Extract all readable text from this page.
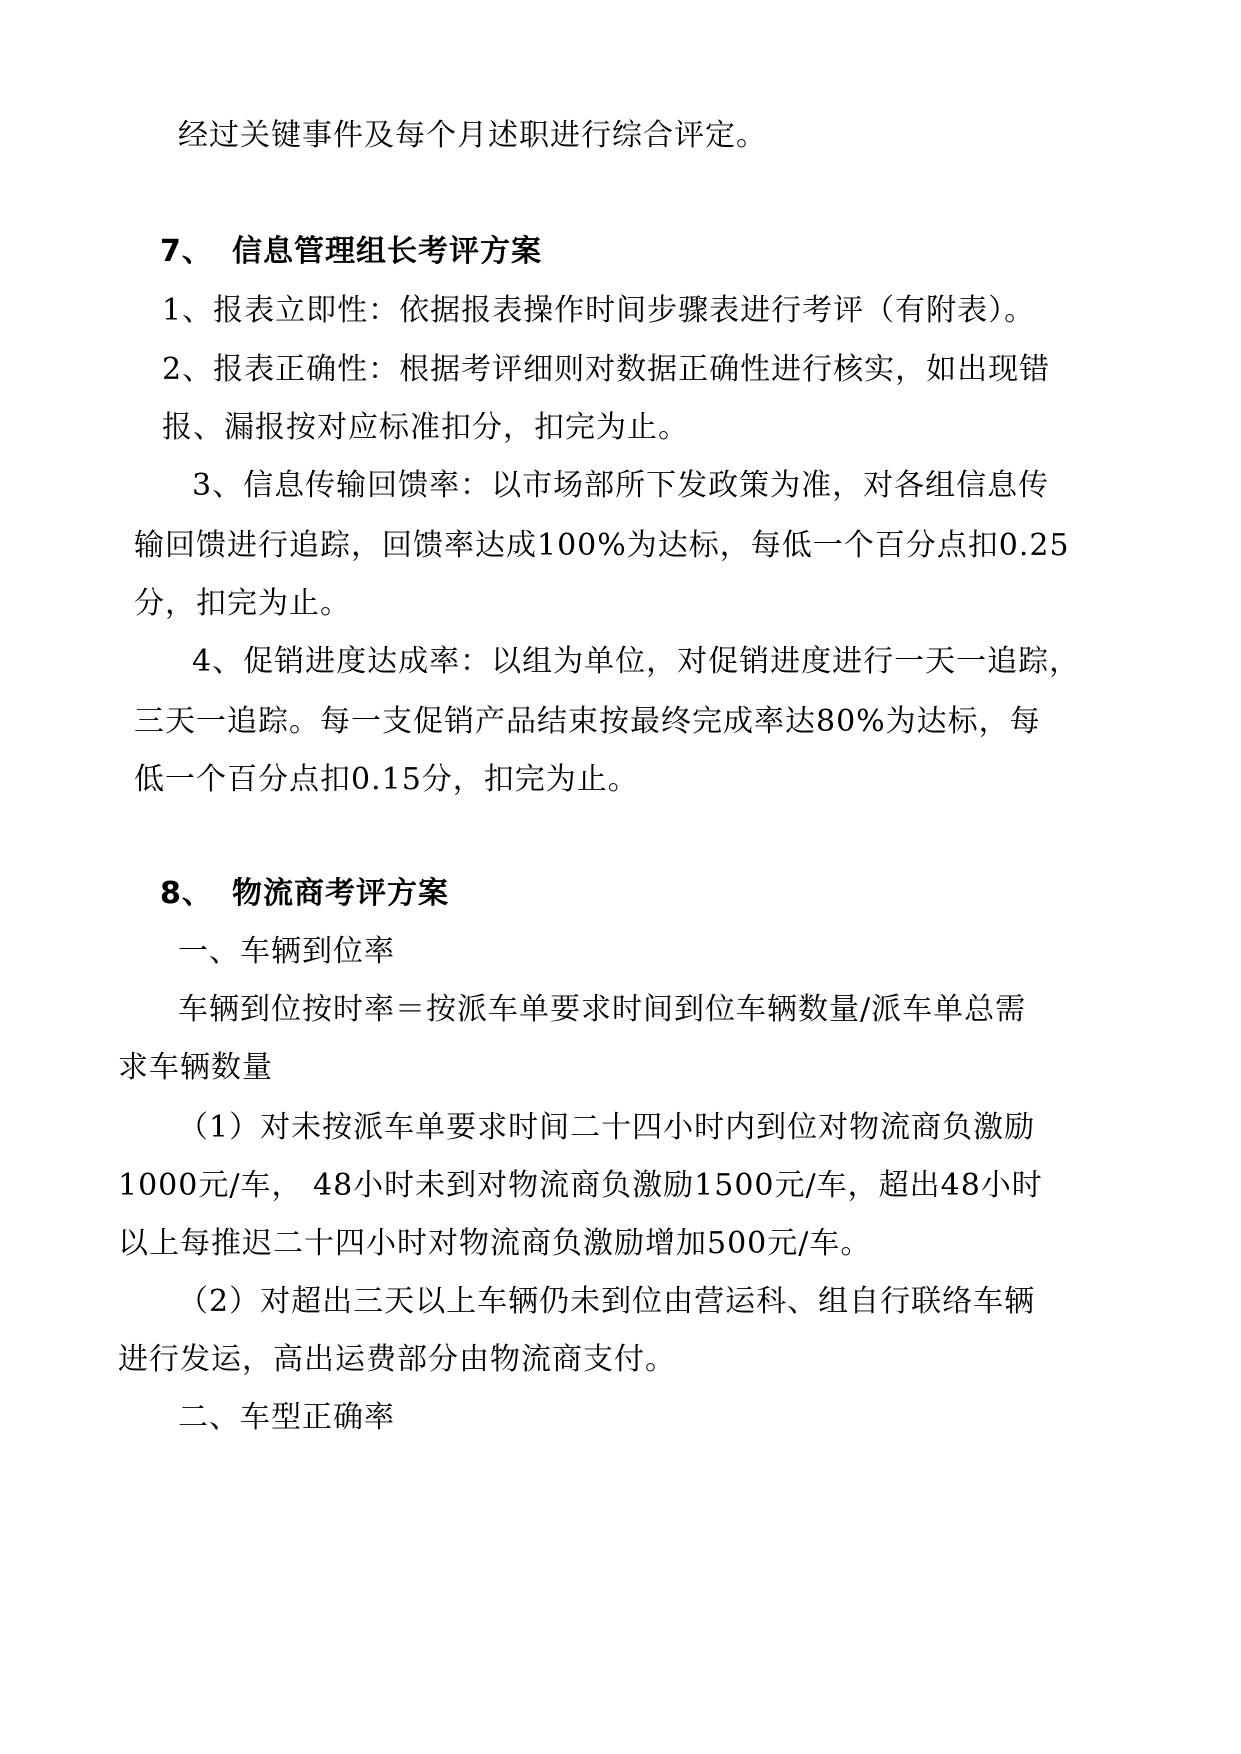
经过关键事件及每个月述职进行综合评定。
7、 信息管理组长考评方案
1、报表立即性：依据报表操作时间步骤表进行考评（有附表）。
2、报表正确性：根据考评细则对数据正确性进行核实，如出现错
报、漏报按对应标准扣分，扣完为止。
3、信息传输回馈率：以市场部所下发政策为准，对各组信息传
输回馈进行追踪，回馈率达成100%为达标，每低一个百分点扣0.25
分，扣完为止。
4、促销进度达成率：以组为单位，对促销进度进行一天一追踪，
三天一追踪。每一支促销产品结束按最终完成率达80%为达标，每
低一个百分点扣0.15分，扣完为止。
8、 物流商考评方案
一、车辆到位率
车辆到位按时率＝按派车单要求时间到位车辆数量/派车单总需
求车辆数量
（1）对未按派车单要求时间二十四小时内到位对物流商负激励
1000元/车， 48小时未到对物流商负激励1500元/车，超出48小时
以上每推迟二十四小时对物流商负激励增加500元/车。
（2）对超出三天以上车辆仍未到位由营运科、组自行联络车辆
进行发运，高出运费部分由物流商支付。
二、车型正确率
